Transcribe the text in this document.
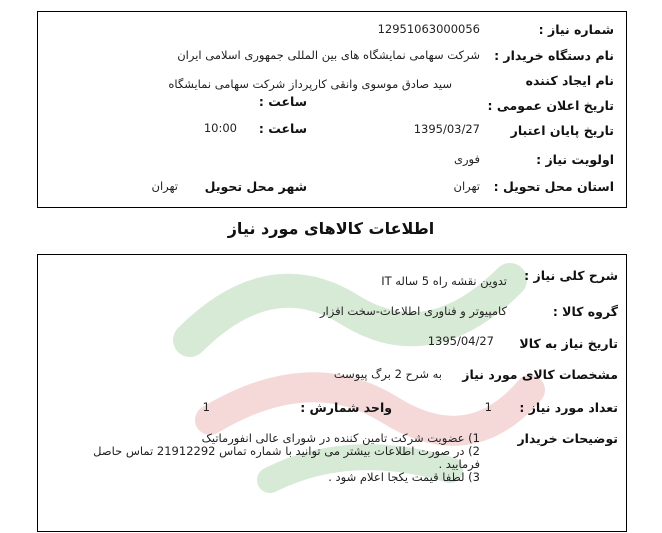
شماره نیاز :
12951063000056
نام دستگاه خریدار :
شرکت سهامی نمایشگاه های بین المللی جمهوری اسلامی ایران
نام ایجاد کننده
سید صادق موسوی وانقی کارپرداز شرکت سهامی نمایشگاه
تاریخ اعلان عمومی :
ساعت :
تاریخ پایان اعتبار
1395/03/27
ساعت :
10:00
اولویت نیاز :
فوری
استان محل تحویل :
تهران
شهر محل تحویل
تهران
اطلاعات کالاهای مورد نیاز
شرح کلی نیاز :
تدوین نقشه راه 5 ساله IT
گروه کالا :
کامپیوتر و فناوری اطلاعات-سخت افزار
تاریخ نیاز به کالا
1395/04/27
مشخصات کالای مورد نیاز
به شرح 2 برگ پیوست
تعداد مورد نیاز :
1
واحد شمارش :
1
توضیحات خریدار
1) عضویت شرکت تامین کننده در شورای عالی انفورماتیک
2) در صورت اطلاعات بیشتر می توانید با شماره تماس 21912292 تماس حاصل فرمایید .
3) لطفا قیمت یکجا اعلام شود .
